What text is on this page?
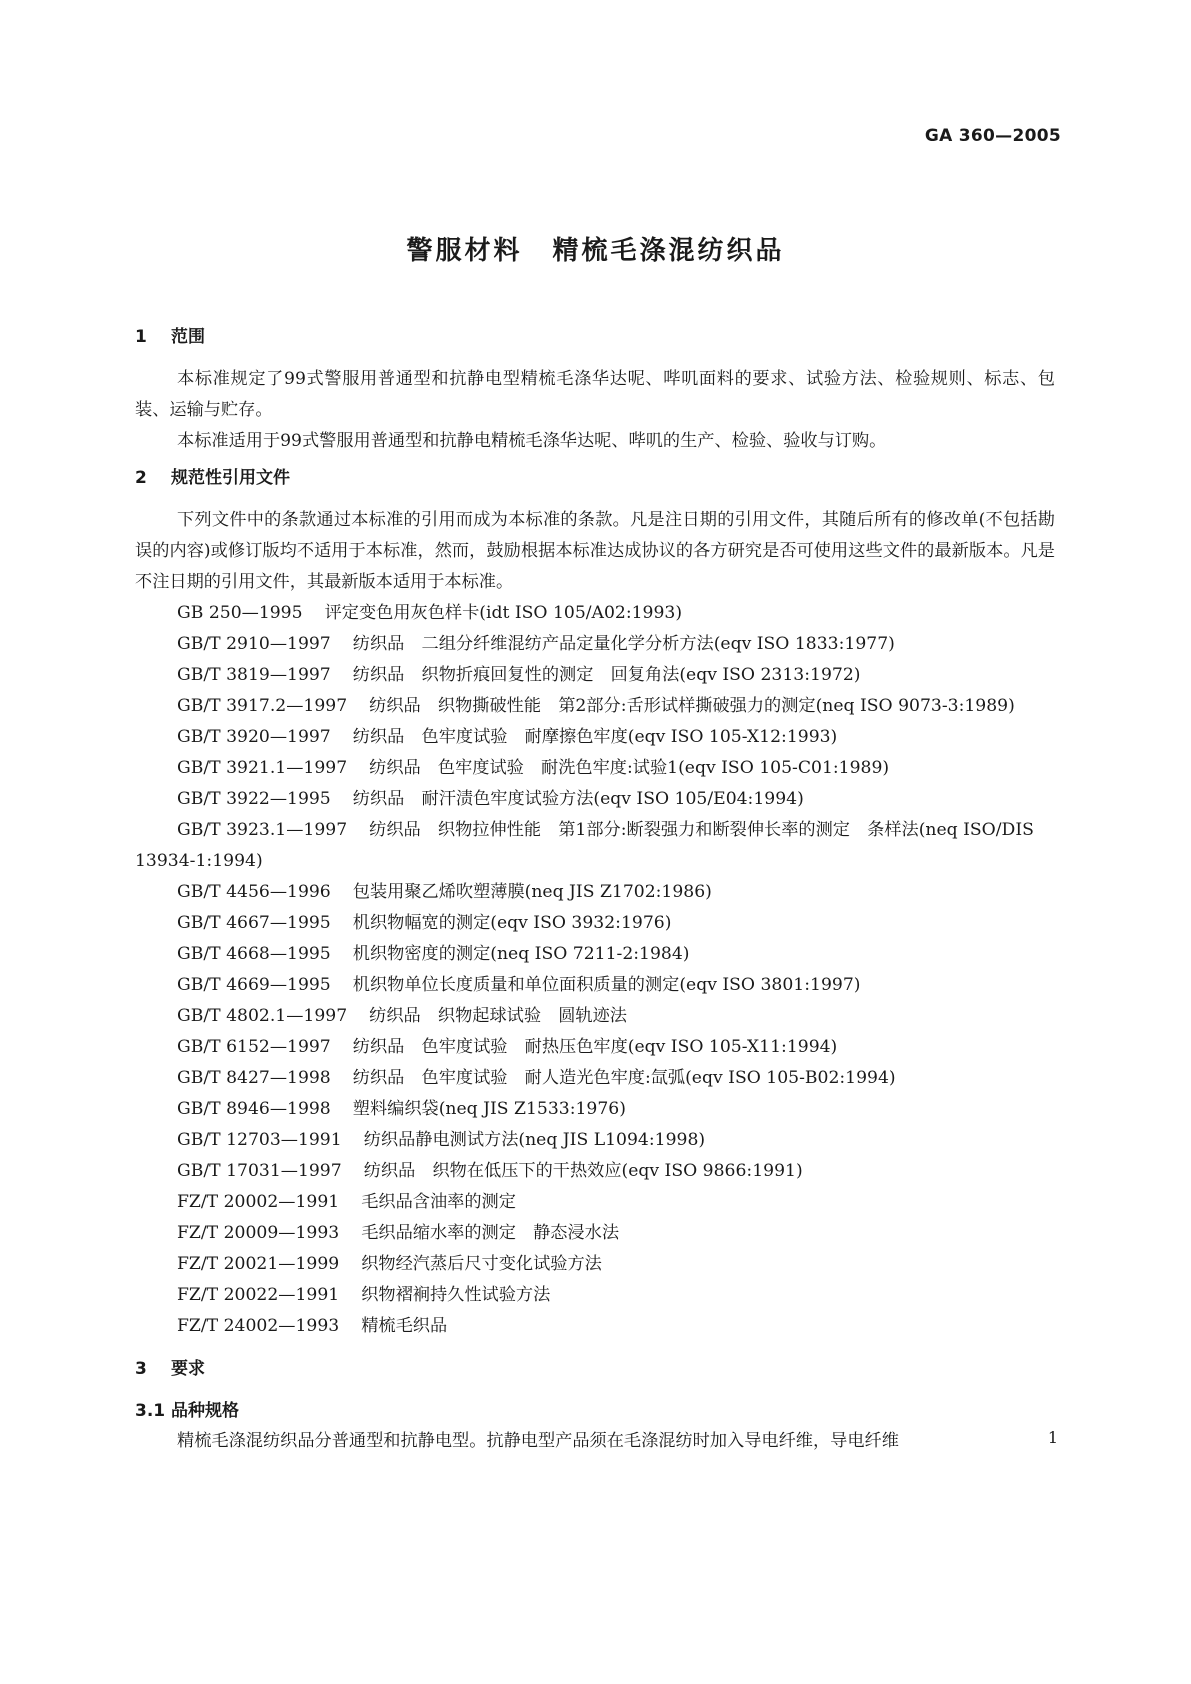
GA 360—2005
警服材料 精梳毛涤混纺织品
1 范围
本标准规定了99式警服用普通型和抗静电型精梳毛涤华达呢、哔叽面料的要求、试验方法、检验规则、标志、包装、运输与贮存。
本标准适用于99式警服用普通型和抗静电精梳毛涤华达呢、哔叽的生产、检验、验收与订购。
2 规范性引用文件
下列文件中的条款通过本标准的引用而成为本标准的条款。凡是注日期的引用文件，其随后所有的修改单(不包括勘误的内容)或修订版均不适用于本标准，然而，鼓励根据本标准达成协议的各方研究是否可使用这些文件的最新版本。凡是不注日期的引用文件，其最新版本适用于本标准。
GB 250—1995 评定变色用灰色样卡(idt ISO 105/A02:1993)
GB/T 2910—1997 纺织品　二组分纤维混纺产品定量化学分析方法(eqv ISO 1833:1977)
GB/T 3819—1997 纺织品　织物折痕回复性的测定　回复角法(eqv ISO 2313:1972)
GB/T 3917.2—1997 纺织品　织物撕破性能　第2部分:舌形试样撕破强力的测定(neq ISO 9073-3:1989)
GB/T 3920—1997 纺织品　色牢度试验　耐摩擦色牢度(eqv ISO 105-X12:1993)
GB/T 3921.1—1997 纺织品　色牢度试验　耐洗色牢度:试验1(eqv ISO 105-C01:1989)
GB/T 3922—1995 纺织品　耐汗渍色牢度试验方法(eqv ISO 105/E04:1994)
GB/T 3923.1—1997 纺织品　织物拉伸性能　第1部分:断裂强力和断裂伸长率的测定　条样法(neq ISO/DIS 13934-1:1994)
GB/T 4456—1996 包装用聚乙烯吹塑薄膜(neq JIS Z1702:1986)
GB/T 4667—1995 机织物幅宽的测定(eqv ISO 3932:1976)
GB/T 4668—1995 机织物密度的测定(neq ISO 7211-2:1984)
GB/T 4669—1995 机织物单位长度质量和单位面积质量的测定(eqv ISO 3801:1997)
GB/T 4802.1—1997 纺织品　织物起球试验　圆轨迹法
GB/T 6152—1997 纺织品　色牢度试验　耐热压色牢度(eqv ISO 105-X11:1994)
GB/T 8427—1998 纺织品　色牢度试验　耐人造光色牢度:氙弧(eqv ISO 105-B02:1994)
GB/T 8946—1998 塑料编织袋(neq JIS Z1533:1976)
GB/T 12703—1991 纺织品静电测试方法(neq JIS L1094:1998)
GB/T 17031—1997 纺织品　织物在低压下的干热效应(eqv ISO 9866:1991)
FZ/T 20002—1991 毛织品含油率的测定
FZ/T 20009—1993 毛织品缩水率的测定　静态浸水法
FZ/T 20021—1999 织物经汽蒸后尺寸变化试验方法
FZ/T 20022—1991 织物褶裥持久性试验方法
FZ/T 24002—1993 精梳毛织品
3 要求
3.1 品种规格
精梳毛涤混纺织品分普通型和抗静电型。抗静电型产品须在毛涤混纺时加入导电纤维，导电纤维	1
